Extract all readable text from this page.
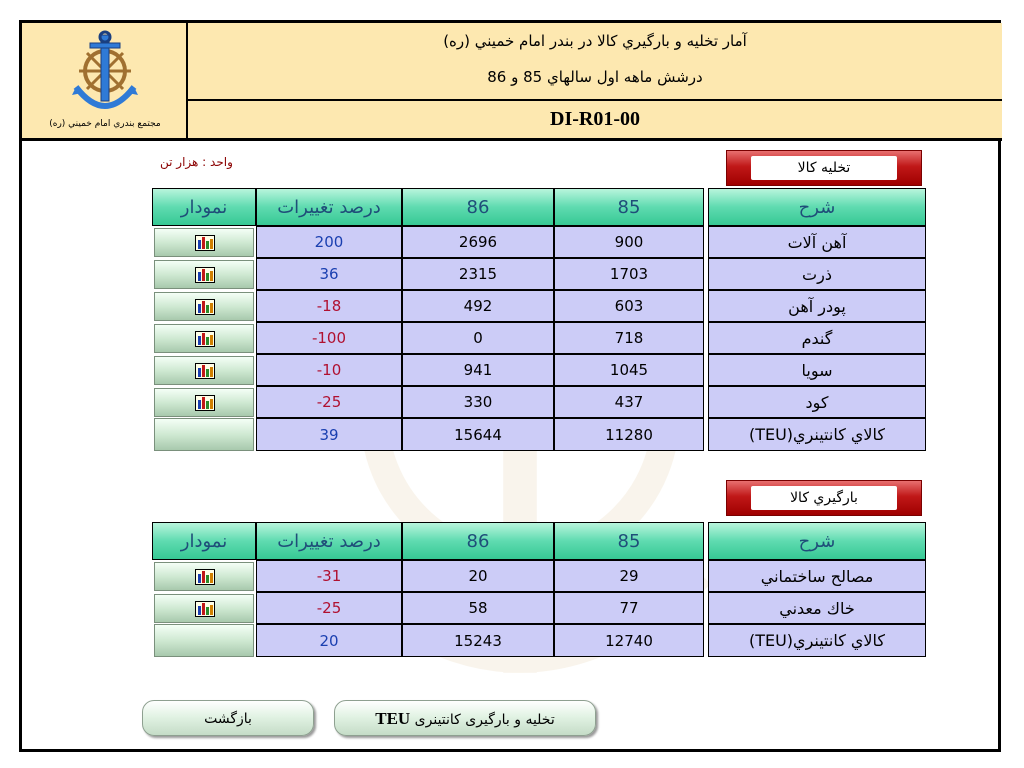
مجتمع بندري امام خميني (ره)
آمار تخليه و بارگيري كالا در بندر امام خميني (ره)
درشش ماهه اول سالهاي 85 و 86
DI-R01-00
واحد : هزار تن	تخليه كالا
نمودار	درصد تغييرات	86	85		شرح

	200	2696	900		آهن آلات

	36	2315	1703		ذرت

	-18	492	603		پودر آهن

	-100	0	718		گندم

	-10	941	1045		سويا

	-25	330	437		كود

	39	15644	11280		كالاي كانتينري(TEU)
بارگيري كالا
نمودار	درصد تغييرات	86	85		شرح

	-31	20	29		مصالح ساختماني

	-25	58	77		خاك معدني

	20	15243	12740		كالاي كانتينري(TEU)
بازگشت	تخليه و بارگيری کانتينری TEU
